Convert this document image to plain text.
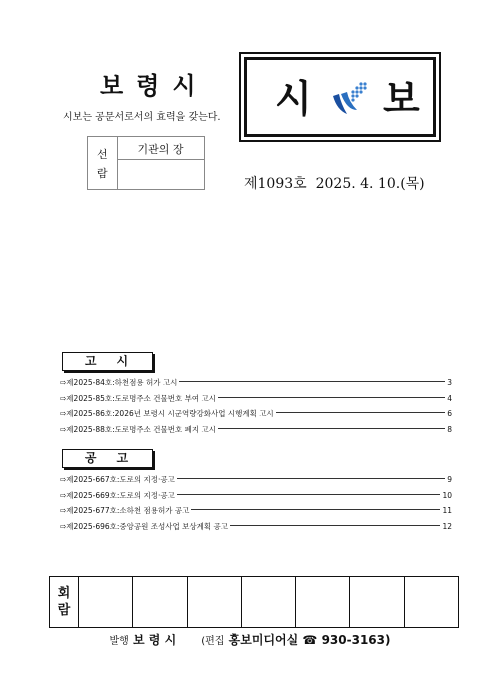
보령시
시보는 공문서로서의 효력을 갖는다. 시 보
선
람
기관의 장
제1093호 2025. 4. 10.(목)
고시
⇨제2025-84호:하천점용 허가 고시	3
⇨제2025-85호:도로명주소 건물번호 부여 고시	4
⇨제2025-86호:2026년 보령시 시군역량강화사업 시행계획 고시	6
⇨제2025-88호:도로명주소 건물번호 폐지 고시	8
공고
⇨제2025-667호:도로의 지정·공고	9
⇨제2025-669호:도로의 지정·공고	10
⇨제2025-677호:소하천 점용허가 공고	11
⇨제2025-696호:중앙공원 조성사업 보상계획 공고	12
회
람
발행 보 령 시	(편집 홍보미디어실 ☎ 930-3163)
